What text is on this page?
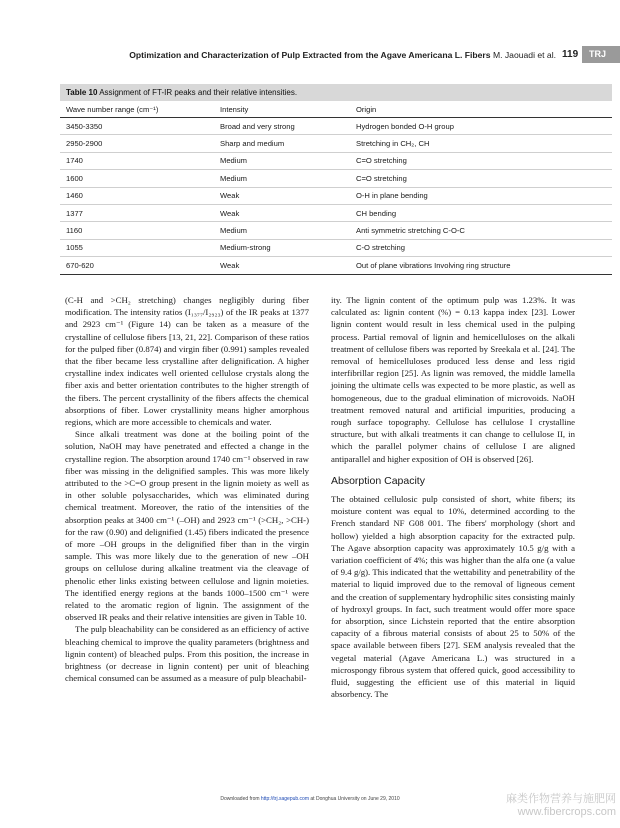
Optimization and Characterization of Pulp Extracted from the Agave Americana L. Fibers M. Jaouadi et al. 119	TRJ
Table 10 Assignment of FT-IR peaks and their relative intensities.
Wave number range (cm⁻¹)	Intensity	Origin
3450-3350	Broad and very strong	Hydrogen bonded O-H group
2950-2900	Sharp and medium	Stretching in CH₂, CH
1740	Medium	C=O stretching
1600	Medium	C=O stretching
1460	Weak	O-H in plane bending
1377	Weak	CH bending
1160	Medium	Anti symmetric stretching C-O-C
1055	Medium-strong	C-O stretching
670-620	Weak	Out of plane vibrations Involving ring structure

(C-H and >CH₂ stretching) changes negligibly during fiber modification. The intensity ratios (I₁₃₇₇/I₂₉₂₃) of the IR peaks at 1377 and 2923 cm⁻¹ (Figure 14) can be taken as a measure of the crystalline of cellulose fibers [13, 21, 22]. Comparison of these ratios for the pulped fiber (0.874) and virgin fiber (0.991) samples revealed that the fiber became less crystalline after delignification. A higher crystalline index indicates well oriented cellulose crystals along the fiber axis and better orientation contributes to the higher strength of the fibers. The percent crystallinity of the fibers affects the chemical absorptions of fiber. Lower crystallinity means higher amorphous regions, which are more accessible to chemicals and water.

Since alkali treatment was done at the boiling point of the solution, NaOH may have penetrated and effected a change in the crystalline region. The absorption around 1740 cm⁻¹ observed in raw fiber was missing in the delignified samples. This was more likely attributed to the >C=O group present in the lignin moiety as well as in other soluble polysaccharides, which was eliminated during chemical treatment. Moreover, the ratio of the intensities of the absorption peaks at 3400 cm⁻¹ (–OH) and 2923 cm⁻¹ (>CH₂, >CH-) for the raw (0.90) and delignified (1.45) fibers indicated the presence of more –OH groups in the delignified fiber than in the virgin sample. This was more likely due to the generation of new –OH groups on cellulose during alkaline treatment via the cleavage of phenolic ether links existing between cellulose and lignin moieties. The identified energy regions at the bands 1000–1500 cm⁻¹ were related to the aromatic region of lignin. The assignment of the observed IR peaks and their relative intensities are given in Table 10.

The pulp bleachability can be considered as an efficiency of active bleaching chemical to improve the quality parameters (brightness and lignin content) of bleached pulps. From this position, the increase in brightness (or decrease in lignin content) per unit of bleaching chemical consumed can be assumed as a measure of pulp bleachabil-

ity. The lignin content of the optimum pulp was 1.23%. It was calculated as: lignin content (%) = 0.13 kappa index [23]. Lower lignin content would result in less chemical used in the pulping process. Partial removal of lignin and hemicelluloses on the alkali treatment of cellulose fibers was reported by Sreekala et al. [24]. The removal of hemicelluloses produced less dense and less rigid interfibrillar region [25]. As lignin was removed, the middle lamella joining the ultimate cells was expected to be more plastic, as well as homogeneous, due to the gradual elimination of microvoids. NaOH treatment removed natural and artificial impurities, producing a rough surface topography. Cellulose has cellulose I crystalline structure, but with alkali treatments it can change to cellulose II, in which the parallel polymer chains of cellulose I are aligned antiparallel and higher exposition of OH is observed [26].

Absorption Capacity

The obtained cellulosic pulp consisted of short, white fibers; its moisture content was equal to 10%, determined according to the French standard NF G08 001. The fibers' morphology (short and hollow) yielded a high absorption capacity for the extracted pulp. The Agave absorption capacity was approximately 10.5 g/g with a variation coefficient of 4%; this was higher than the alfa one (a value of 9.4 g/g). This indicated that the wettability and penetrability of the material to liquid improved due to the removal of ligneous cement and the creation of supplementary hydrophilic sites consisting mainly of hydroxyl groups. In fact, such treatment would offer more space for absorption, since Lichstein reported that the entire absorption capacity of a fibrous material consists of about 25 to 50% of the space available between fibers [27]. SEM analysis revealed that the vegetal material (Agave Americana L.) was structured in a microspongy fibrous system that offered quick, good accessibility to fluid, suggesting the efficient use of this material in liquid absorbency. The

Downloaded from http://trj.sagepub.com at Donghua University on June 29, 2010	麻类作物营养与施肥网
www.fibercrops.com
